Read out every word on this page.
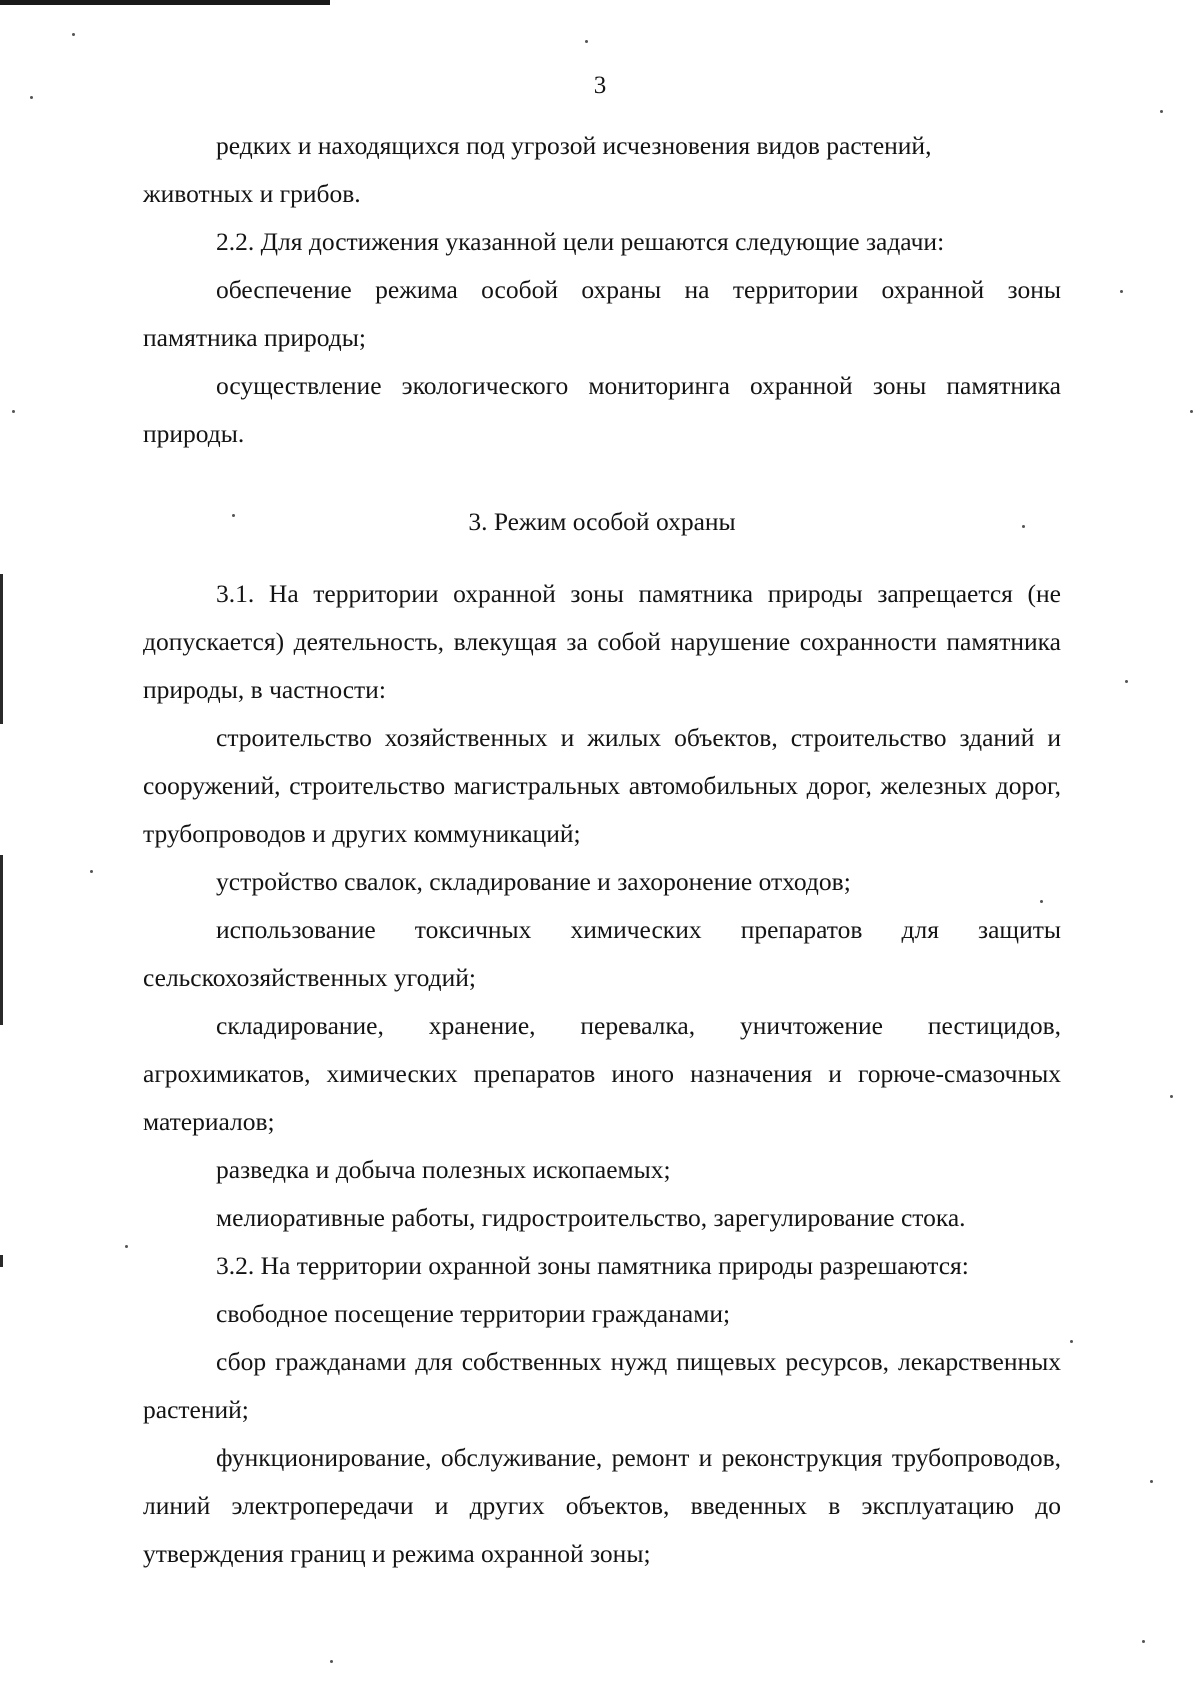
3

редких и находящихся под угрозой исчезновения видов растений,

животных и грибов.

2.2. Для достижения указанной цели решаются следующие задачи:

обеспечение режима особой охраны на территории охранной зоны памятника природы;

осуществление экологического мониторинга охранной зоны памятника природы.

3. Режим особой охраны

3.1. На территории охранной зоны памятника природы запрещается (не допускается) деятельность, влекущая за собой нарушение сохранности памятника природы, в частности:

строительство хозяйственных и жилых объектов, строительство зданий и сооружений, строительство магистральных автомобильных дорог, железных дорог, трубопроводов и других коммуникаций;

устройство свалок, складирование и захоронение отходов;

использование токсичных химических препаратов для защиты сельскохозяйственных угодий;

складирование, хранение, перевалка, уничтожение пестицидов, агрохимикатов, химических препаратов иного назначения и горюче-смазочных материалов;

разведка и добыча полезных ископаемых;

мелиоративные работы, гидростроительство, зарегулирование стока.

3.2. На территории охранной зоны памятника природы разрешаются:

свободное посещение территории гражданами;

сбор гражданами для собственных нужд пищевых ресурсов, лекарственных растений;

функционирование, обслуживание, ремонт и реконструкция трубопроводов, линий электропередачи и других объектов, введенных в эксплуатацию до утверждения границ и режима охранной зоны;
